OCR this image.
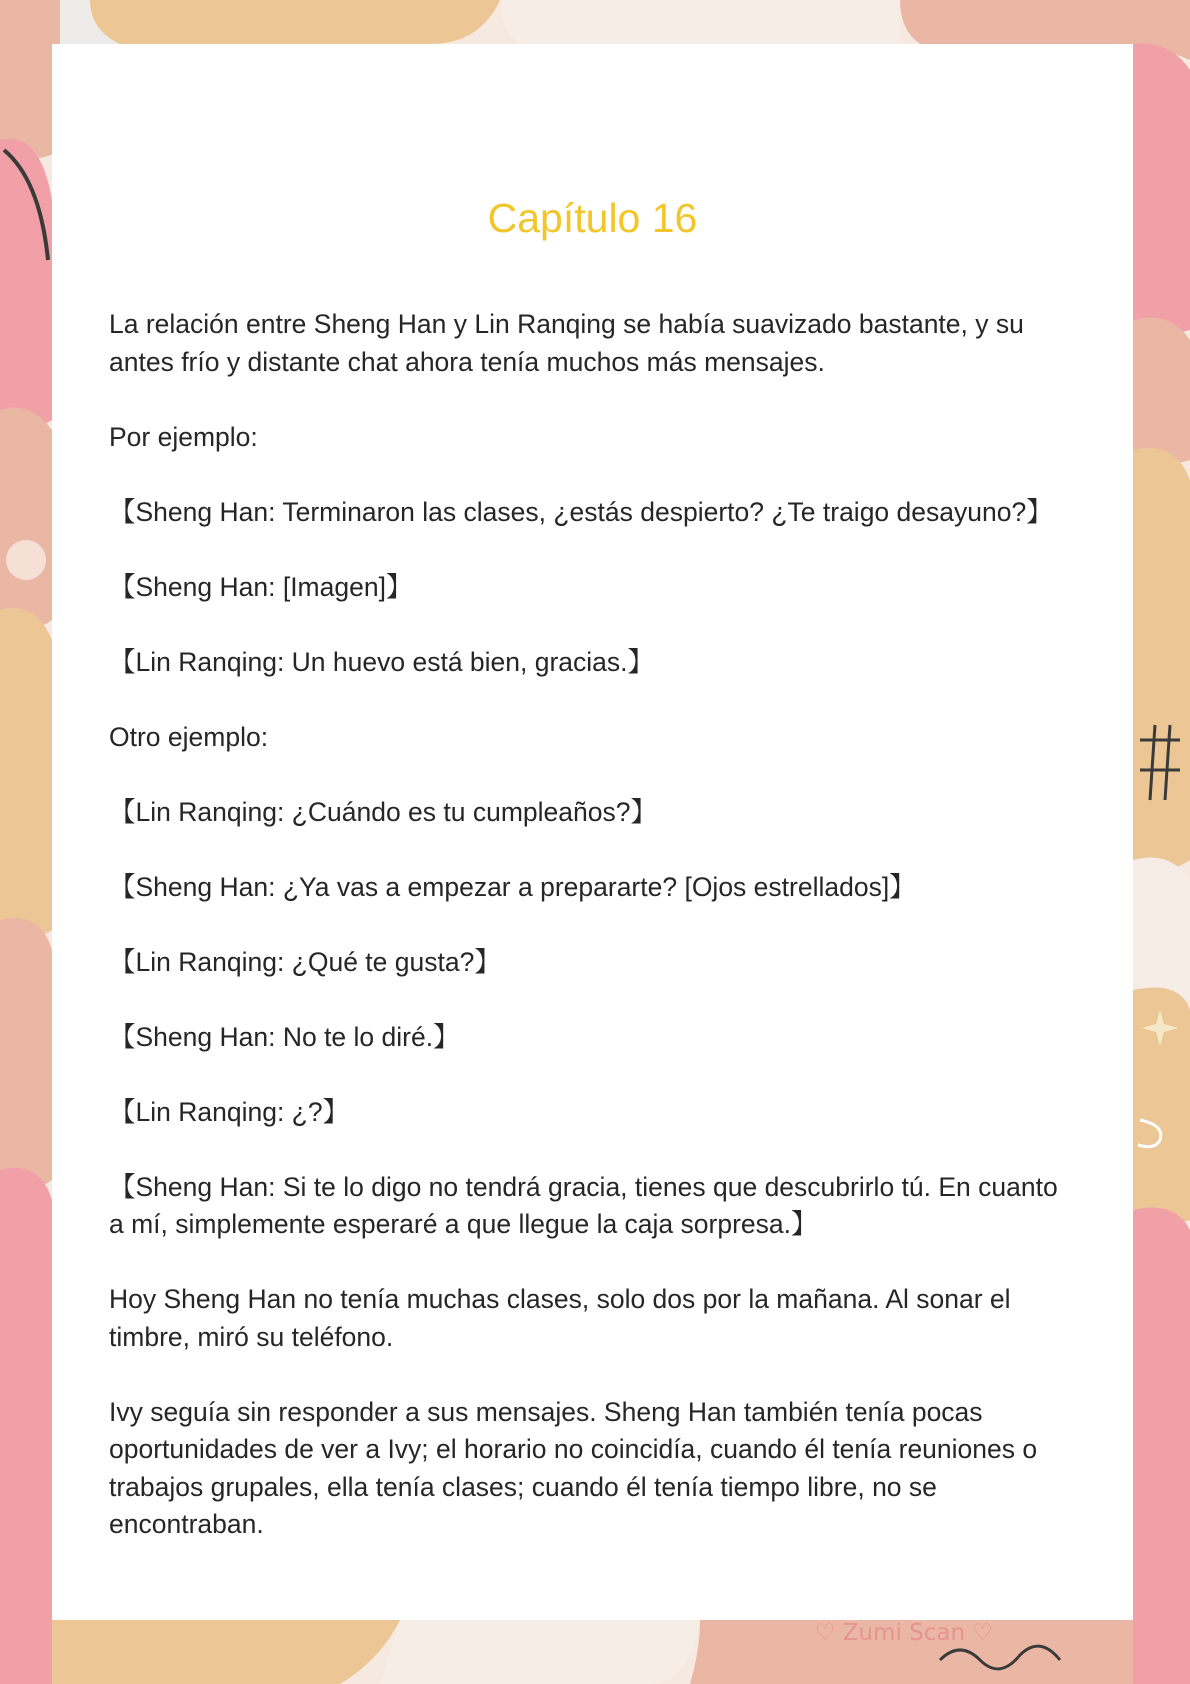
Capítulo 16

La relación entre Sheng Han y Lin Ranqing se había suavizado bastante, y su antes frío y distante chat ahora tenía muchos más mensajes.

Por ejemplo:

【Sheng Han: Terminaron las clases, ¿estás despierto? ¿Te traigo desayuno?】

【Sheng Han: [Imagen]】

【Lin Ranqing: Un huevo está bien, gracias.】

Otro ejemplo:

【Lin Ranqing: ¿Cuándo es tu cumpleaños?】

【Sheng Han: ¿Ya vas a empezar a prepararte? [Ojos estrellados]】

【Lin Ranqing: ¿Qué te gusta?】

【Sheng Han: No te lo diré.】

【Lin Ranqing: ¿?】

【Sheng Han: Si te lo digo no tendrá gracia, tienes que descubrirlo tú. En cuanto a mí, simplemente esperaré a que llegue la caja sorpresa.】

Hoy Sheng Han no tenía muchas clases, solo dos por la mañana. Al sonar el timbre, miró su teléfono.

Ivy seguía sin responder a sus mensajes. Sheng Han también tenía pocas oportunidades de ver a Ivy; el horario no coincidía, cuando él tenía reuniones o trabajos grupales, ella tenía clases; cuando él tenía tiempo libre, no se encontraban.

♡ Zumi Scan ♡
